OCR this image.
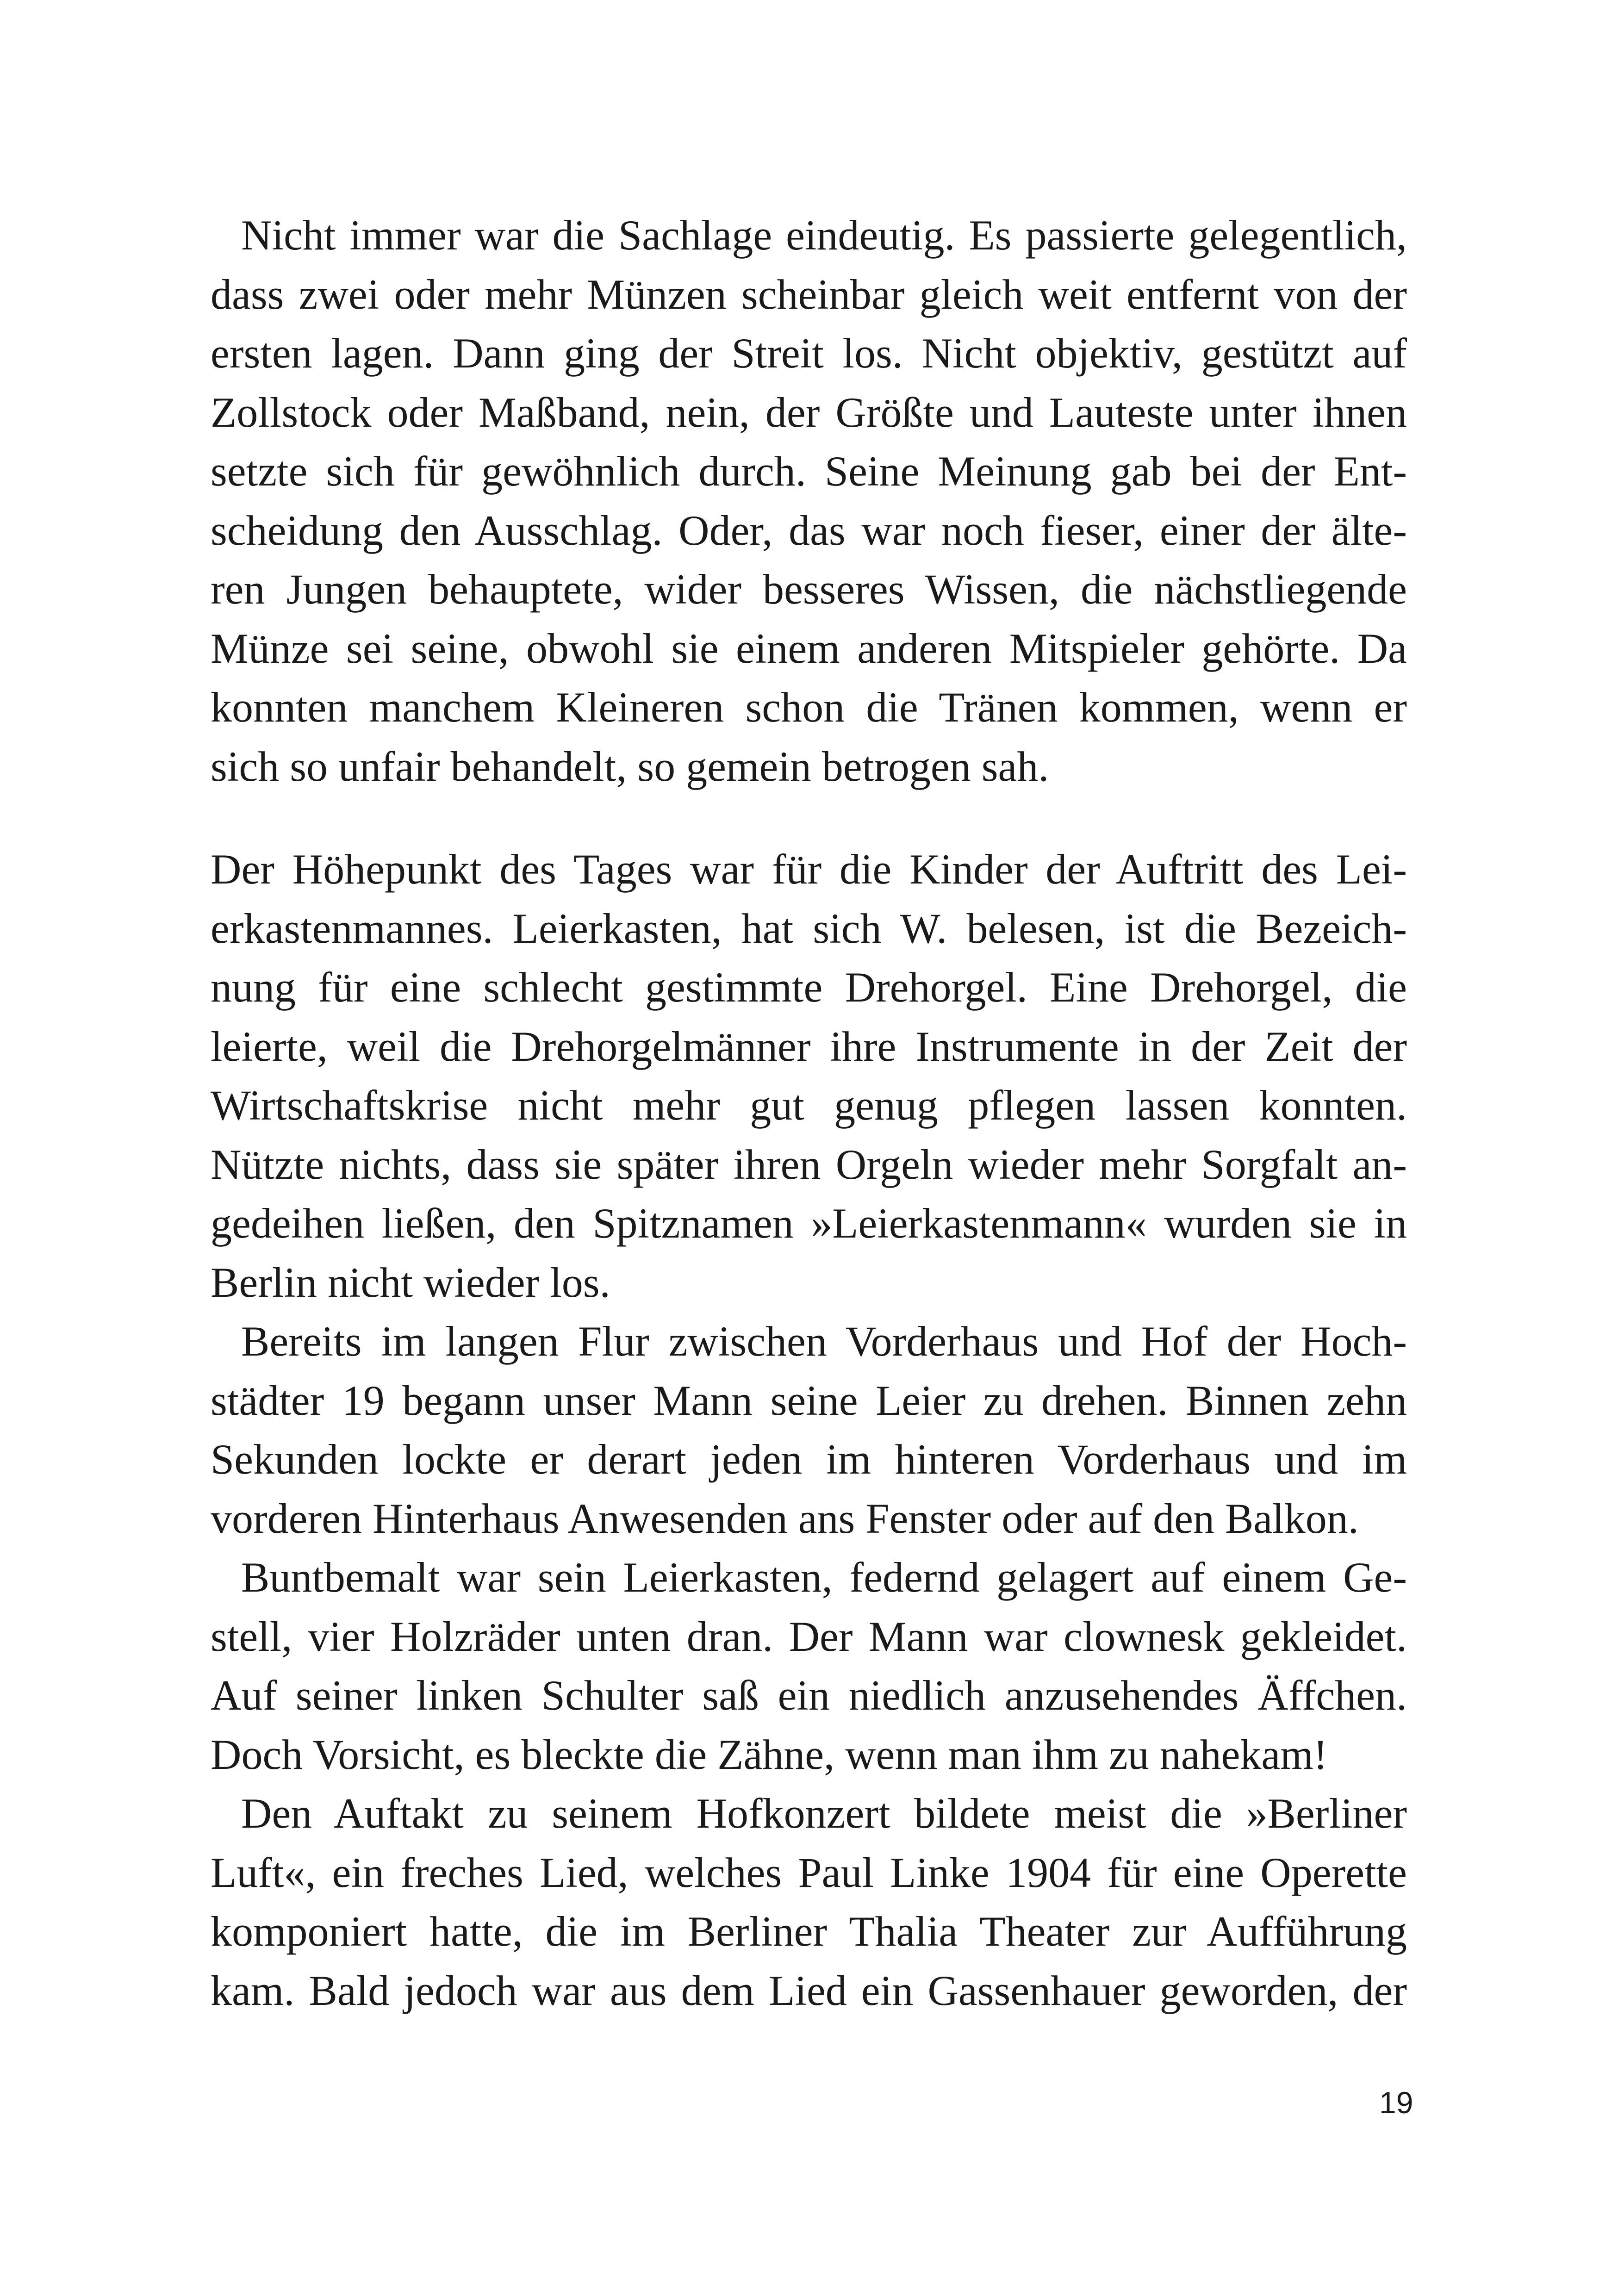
Nicht immer war die Sachlage eindeutig. Es passierte gelegentlich,
dass zwei oder mehr Münzen scheinbar gleich weit entfernt von der
ersten lagen. Dann ging der Streit los. Nicht objektiv, gestützt auf
Zollstock oder Maßband, nein, der Größte und Lauteste unter ihnen
setzte sich für gewöhnlich durch. Seine Meinung gab bei der Ent-
scheidung den Ausschlag. Oder, das war noch fieser, einer der älte-
ren Jungen behauptete, wider besseres Wissen, die nächstliegende
Münze sei seine, obwohl sie einem anderen Mitspieler gehörte. Da
konnten manchem Kleineren schon die Tränen kommen, wenn er
sich so unfair behandelt, so gemein betrogen sah.
Der Höhepunkt des Tages war für die Kinder der Auftritt des Lei-
erkastenmannes. Leierkasten, hat sich W. belesen, ist die Bezeich-
nung für eine schlecht gestimmte Drehorgel. Eine Drehorgel, die
leierte, weil die Drehorgelmänner ihre Instrumente in der Zeit der
Wirtschaftskrise nicht mehr gut genug pflegen lassen konnten.
Nützte nichts, dass sie später ihren Orgeln wieder mehr Sorgfalt an-
gedeihen ließen, den Spitznamen »Leierkastenmann« wurden sie in
Berlin nicht wieder los.
Bereits im langen Flur zwischen Vorderhaus und Hof der Hoch-
städter 19 begann unser Mann seine Leier zu drehen. Binnen zehn
Sekunden lockte er derart jeden im hinteren Vorderhaus und im
vorderen Hinterhaus Anwesenden ans Fenster oder auf den Balkon.
Buntbemalt war sein Leierkasten, federnd gelagert auf einem Ge-
stell, vier Holzräder unten dran. Der Mann war clownesk gekleidet.
Auf seiner linken Schulter saß ein niedlich anzusehendes Äffchen.
Doch Vorsicht, es bleckte die Zähne, wenn man ihm zu nahekam!
Den Auftakt zu seinem Hofkonzert bildete meist die »Berliner
Luft«, ein freches Lied, welches Paul Linke 1904 für eine Operette
komponiert hatte, die im Berliner Thalia Theater zur Aufführung
kam. Bald jedoch war aus dem Lied ein Gassenhauer geworden, der
19
